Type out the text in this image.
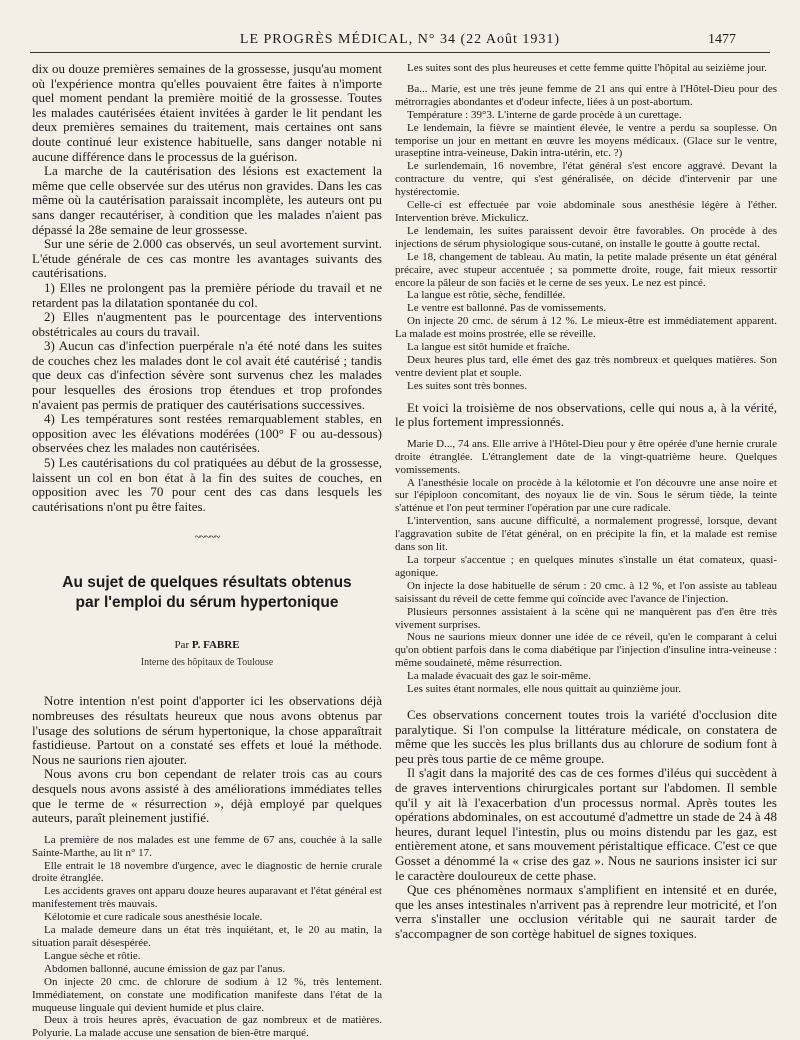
LE PROGRÈS MÉDICAL, N° 34 (22 Août 1931)	1477

dix ou douze premières semaines de la grossesse, jusqu'au moment où l'expérience montra qu'elles pouvaient être faites à n'importe quel moment pendant la première moitié de la grossesse. Toutes les malades cautérisées étaient invitées à garder le lit pendant les deux premières semaines du traitement, mais certaines ont sans doute continué leur existence habituelle, sans danger notable ni aucune différence dans le processus de la guérison.

La marche de la cautérisation des lésions est exactement la même que celle observée sur des utérus non gravides. Dans les cas même où la cautérisation paraissait incomplète, les auteurs ont pu sans danger recautériser, à condition que les malades n'aient pas dépassé la 28e semaine de leur grossesse.

Sur une série de 2.000 cas observés, un seul avortement survint. L'étude générale de ces cas montre les avantages suivants des cautérisations.

1) Elles ne prolongent pas la première période du travail et ne retardent pas la dilatation spontanée du col.

2) Elles n'augmentent pas le pourcentage des interventions obstétricales au cours du travail.

3) Aucun cas d'infection puerpérale n'a été noté dans les suites de couches chez les malades dont le col avait été cautérisé ; tandis que deux cas d'infection sévère sont survenus chez les malades pour lesquelles des érosions trop étendues et trop profondes n'avaient pas permis de pratiquer des cautérisations successives.

4) Les températures sont restées remarquablement stables, en opposition avec les élévations modérées (100° F ou au-dessous) observées chez les malades non cautérisées.

5) Les cautérisations du col pratiquées au début de la grossesse, laissent un col en bon état à la fin des suites de couches, en opposition avec les 70 pour cent des cas dans lesquels les cautérisations n'ont pu être faites.

~~~~~
Au sujet de quelques résultats obtenus
par l'emploi du sérum hypertonique
Par P. FABRE
Interne des hôpitaux de Toulouse

Notre intention n'est point d'apporter ici les observations déjà nombreuses des résultats heureux que nous avons obtenus par l'usage des solutions de sérum hypertonique, la chose apparaîtrait fastidieuse. Partout on a constaté ses effets et loué la méthode. Nous ne saurions rien ajouter.

Nous avons cru bon cependant de relater trois cas au cours desquels nous avons assisté à des améliorations immédiates telles que le terme de « résurrection », déjà employé par quelques auteurs, paraît pleinement justifié.

La première de nos malades est une femme de 67 ans, couchée à la salle Sainte-Marthe, au lit n° 17.

Elle entrait le 18 novembre d'urgence, avec le diagnostic de hernie crurale droite étranglée.

Les accidents graves ont apparu douze heures auparavant et l'état général est manifestement très mauvais.

Kélotomie et cure radicale sous anesthésie locale.

La malade demeure dans un état très inquiétant, et, le 20 au matin, la situation paraît désespérée.

Langue sèche et rôtie.

Abdomen ballonné, aucune émission de gaz par l'anus.

On injecte 20 cmc. de chlorure de sodium à 12 %, très lentement. Immédiatement, on constate une modification manifeste dans l'état de la muqueuse linguale qui devient humide et plus claire.

Deux à trois heures après, évacuation de gaz nombreux et de matières. Polyurie. La malade accuse une sensation de bien-être marqué.

Les suites sont des plus heureuses et cette femme quitte l'hôpital au seizième jour.

Ba... Marie, est une très jeune femme de 21 ans qui entre à l'Hôtel-Dieu pour des métrorragies abondantes et d'odeur infecte, liées à un post-abortum.

Température : 39°3. L'interne de garde procède à un curettage.

Le lendemain, la fièvre se maintient élevée, le ventre a perdu sa souplesse. On temporise un jour en mettant en œuvre les moyens médicaux. (Glace sur le ventre, uraseptine intra-veineuse, Dakin intra-utérin, etc. ?)

Le surlendemain, 16 novembre, l'état général s'est encore aggravé. Devant la contracture du ventre, qui s'est généralisée, on décide d'intervenir par une hystérectomie.

Celle-ci est effectuée par voie abdominale sous anesthésie légère à l'éther. Intervention brève. Mickulicz.

Le lendemain, les suites paraissent devoir être favorables. On procède à des injections de sérum physiologique sous-cutané, on installe le goutte à goutte rectal.

Le 18, changement de tableau. Au matin, la petite malade présente un état général précaire, avec stupeur accentuée ; sa pommette droite, rouge, fait mieux ressortir encore la pâleur de son faciès et le cerne de ses yeux. Le nez est pincé.

La langue est rôtie, sèche, fendillée.

Le ventre est ballonné. Pas de vomissements.

On injecte 20 cmc. de sérum à 12 %. Le mieux-être est immédiatement apparent. La malade est moins prostrée, elle se réveille.

La langue est sitôt humide et fraîche.

Deux heures plus tard, elle émet des gaz très nombreux et quelques matières. Son ventre devient plat et souple.

Les suites sont très bonnes.

Et voici la troisième de nos observations, celle qui nous a, à la vérité, le plus fortement impressionnés.

Marie D..., 74 ans. Elle arrive à l'Hôtel-Dieu pour y être opérée d'une hernie crurale droite étranglée. L'étranglement date de la vingt-quatrième heure. Quelques vomissements.

A l'anesthésie locale on procède à la kélotomie et l'on découvre une anse noire et sur l'épiploon concomitant, des noyaux lie de vin. Sous le sérum tiède, la teinte s'atténue et l'on peut terminer l'opération par une cure radicale.

L'intervention, sans aucune difficulté, a normalement progressé, lorsque, devant l'aggravation subite de l'état général, on en précipite la fin, et la malade est remise dans son lit.

La torpeur s'accentue ; en quelques minutes s'installe un état comateux, quasi-agonique.

On injecte la dose habituelle de sérum : 20 cmc. à 12 %, et l'on assiste au tableau saisissant du réveil de cette femme qui coïncide avec l'avance de l'injection.

Plusieurs personnes assistaient à la scène qui ne manquèrent pas d'en être très vivement surprises.

Nous ne saurions mieux donner une idée de ce réveil, qu'en le comparant à celui qu'on obtient parfois dans le coma diabétique par l'injection d'insuline intra-veineuse : même soudaineté, même résurrection.

La malade évacuait des gaz le soir-même.

Les suites étant normales, elle nous quittait au quinzième jour.

Ces observations concernent toutes trois la variété d'occlusion dite paralytique. Si l'on compulse la littérature médicale, on constatera de même que les succès les plus brillants dus au chlorure de sodium font à peu près tous partie de ce même groupe.

Il s'agit dans la majorité des cas de ces formes d'iléus qui succèdent à de graves interventions chirurgicales portant sur l'abdomen. Il semble qu'il y ait là l'exacerbation d'un processus normal. Après toutes les opérations abdominales, on est accoutumé d'admettre un stade de 24 à 48 heures, durant lequel l'intestin, plus ou moins distendu par les gaz, est entièrement atone, et sans mouvement péristaltique efficace. C'est ce que Gosset a dénommé la « crise des gaz ». Nous ne saurions insister ici sur le caractère douloureux de cette phase.

Que ces phénomènes normaux s'amplifient en intensité et en durée, que les anses intestinales n'arrivent pas à reprendre leur motricité, et l'on verra s'installer une occlusion véritable qui ne saurait tarder de s'accompagner de son cortège habituel de signes toxiques.
